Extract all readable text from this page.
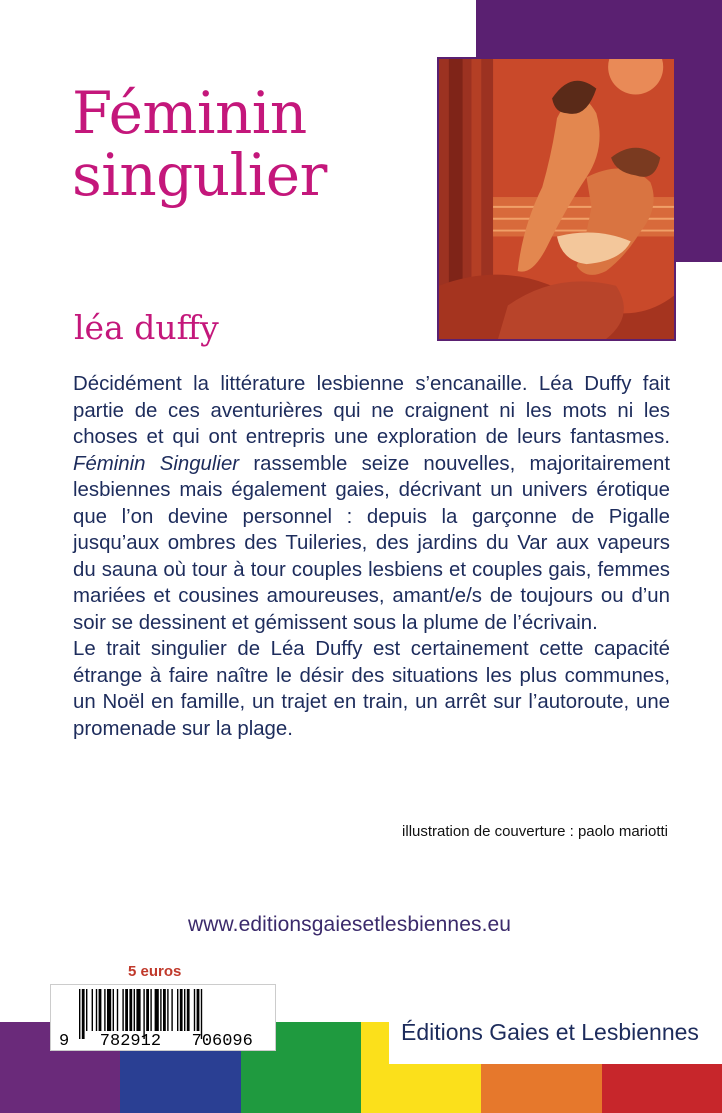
Féminin
singulier
léa duffy

Décidément la littérature lesbienne s’encanaille. Léa Duffy fait partie de ces aventurières qui ne craignent ni les mots ni les choses et qui ont entrepris une exploration de leurs fantasmes. Féminin Singulier rassemble seize nouvelles, majoritairement lesbiennes mais également gaies, décrivant un univers érotique que l’on devine personnel : depuis la garçonne de Pigalle jusqu’aux ombres des Tuileries, des jardins du Var aux vapeurs du sauna où tour à tour couples lesbiens et couples gais, femmes mariées et cousines amoureuses, amant/e/s de toujours ou d’un soir se dessinent et gémissent sous la plume de l’écrivain.

Le trait singulier de Léa Duffy est certainement cette capacité étrange à faire naître le désir des situations les plus communes, un Noël en famille, un trajet en train, un arrêt sur l’autoroute, une promenade sur la plage.

illustration de couverture : paolo mariotti
www.editionsgaiesetlesbiennes.eu
5 euros
9   782912   706096	Éditions Gaies et Lesbiennes
